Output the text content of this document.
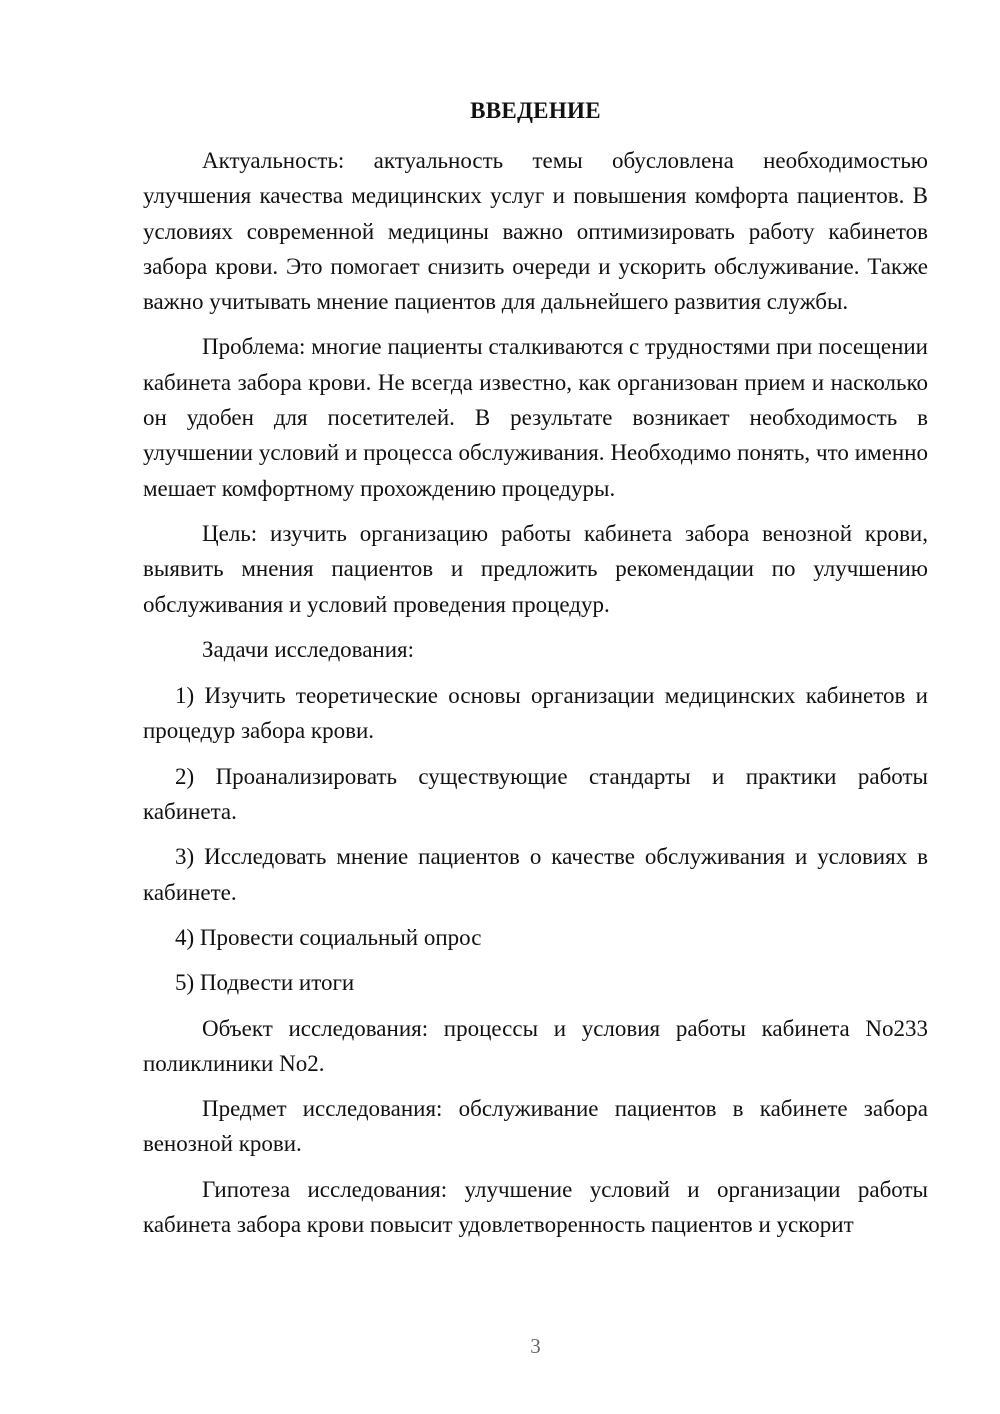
ВВЕДЕНИЕ

Актуальность: актуальность темы обусловлена необходимостью улучшения качества медицинских услуг и повышения комфорта пациентов. В условиях современной медицины важно оптимизировать работу кабинетов забора крови. Это помогает снизить очереди и ускорить обслуживание. Также важно учитывать мнение пациентов для дальнейшего развития службы.

Проблема: многие пациенты сталкиваются с трудностями при посещении кабинета забора крови. Не всегда известно, как организован прием и насколько он удобен для посетителей. В результате возникает необходимость в улучшении условий и процесса обслуживания. Необходимо понять, что именно мешает комфортному прохождению процедуры.

Цель: изучить организацию работы кабинета забора венозной крови, выявить мнения пациентов и предложить рекомендации по улучшению обслуживания и условий проведения процедур.

Задачи исследования:

1) Изучить теоретические основы организации медицинских кабинетов и процедур забора крови.

2) Проанализировать существующие стандарты и практики работы кабинета.

3) Исследовать мнение пациентов о качестве обслуживания и условиях в кабинете.

4) Провести социальный опрос

5) Подвести итоги

Объект исследования: процессы и условия работы кабинета No233 поликлиники No2.

Предмет исследования: обслуживание пациентов в кабинете забора венозной крови.

Гипотеза исследования: улучшение условий и организации работы кабинета забора крови повысит удовлетворенность пациентов и ускорит

3
